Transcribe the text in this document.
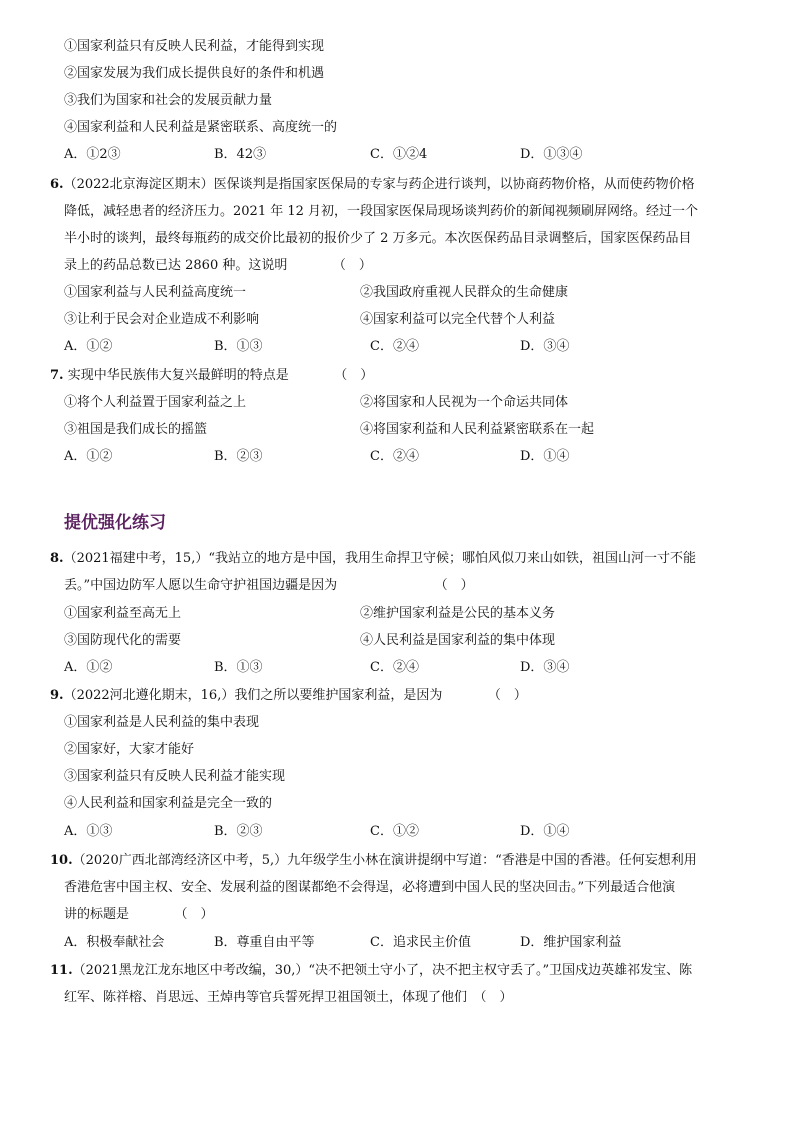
①国家利益只有反映人民利益，才能得到实现
②国家发展为我们成长提供良好的条件和机遇
③我们为国家和社会的发展贡献力量
④国家利益和人民利益是紧密联系、高度统一的
A．①2③	B．42③	C．①②4	D．①③④
6.（2022北京海淀区期末）医保谈判是指国家医保局的专家与药企进行谈判，以协商药物价格，从而使药物价格
降低，减轻患者的经济压力。2021 年 12 月初，一段国家医保局现场谈判药价的新闻视频刷屏网络。经过一个
半小时的谈判，最终每瓶药的成交价比最初的报价少了 2 万多元。本次医保药品目录调整后，国家医保药品目
录上的药品总数已达 2860 种。这说明　　　　（　）
①国家利益与人民利益高度统一	②我国政府重视人民群众的生命健康
③让利于民会对企业造成不利影响	④国家利益可以完全代替个人利益
A．①②	B．①③	C．②④	D．③④
7. 实现中华民族伟大复兴最鲜明的特点是　　　　（　）
①将个人利益置于国家利益之上	②将国家和人民视为一个命运共同体
③祖国是我们成长的摇篮	④将国家利益和人民利益紧密联系在一起
A．①②	B．②③	C．②④	D．①④
提优强化练习
8.（2021福建中考，15,）“我站立的地方是中国，我用生命捍卫守候；哪怕风似刀来山如铁，祖国山河一寸不能
丢。”中国边防军人愿以生命守护祖国边疆是因为　　　　　　　　（　）
①国家利益至高无上	②维护国家利益是公民的基本义务
③国防现代化的需要	④人民利益是国家利益的集中体现
A．①②	B．①③	C．②④	D．③④
9.（2022河北遵化期末，16,）我们之所以要维护国家利益，是因为　　　　（　）
①国家利益是人民利益的集中表现
②国家好，大家才能好
③国家利益只有反映人民利益才能实现
④人民利益和国家利益是完全一致的
A．①③	B．②③	C．①②	D．①④
10.（2020广西北部湾经济区中考，5,）九年级学生小林在演讲提纲中写道：“香港是中国的香港。任何妄想利用
香港危害中国主权、安全、发展利益的图谋都绝不会得逞，必将遭到中国人民的坚决回击。”下列最适合他演
讲的标题是　　　　（　）
A．积极奉献社会	B．尊重自由平等	C．追求民主价值	D．维护国家利益
11.（2021黑龙江龙东地区中考改编，30,）“决不把领土守小了，决不把主权守丢了。”卫国戍边英雄祁发宝、陈
红军、陈祥榕、肖思远、王焯冉等官兵誓死捍卫祖国领土，体现了他们　（　）
